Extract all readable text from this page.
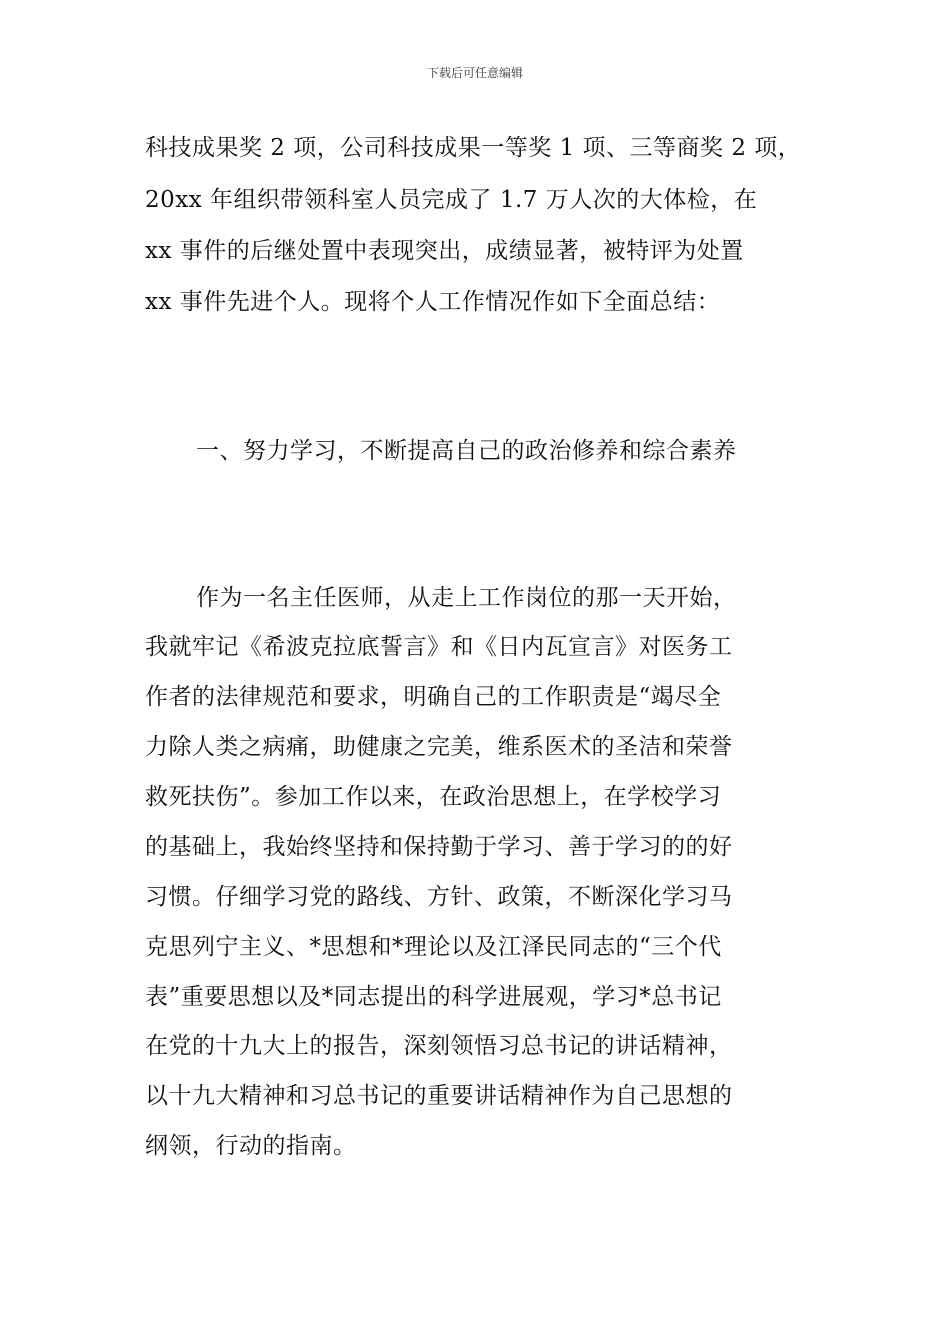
下载后可任意编辑
科技成果奖 2 项，公司科技成果一等奖 1 项、三等商奖 2 项，
20xx 年组织带领科室人员完成了 1.7 万人次的大体检，在
xx 事件的后继处置中表现突出，成绩显著，被特评为处置
xx 事件先进个人。现将个人工作情况作如下全面总结：
一、努力学习，不断提高自己的政治修养和综合素养
作为一名主任医师，从走上工作岗位的那一天开始，
我就牢记《希波克拉底誓言》和《日内瓦宣言》对医务工
作者的法律规范和要求，明确自己的工作职责是“竭尽全
力除人类之病痛，助健康之完美，维系医术的圣洁和荣誉
救死扶伤”。参加工作以来，在政治思想上，在学校学习
的基础上，我始终坚持和保持勤于学习、善于学习的的好
习惯。仔细学习党的路线、方针、政策，不断深化学习马
克思列宁主义、*思想和*理论以及江泽民同志的“三个代
表”重要思想以及*同志提出的科学进展观，学习*总书记
在党的十九大上的报告，深刻领悟习总书记的讲话精神，
以十九大精神和习总书记的重要讲话精神作为自己思想的
纲领，行动的指南。
